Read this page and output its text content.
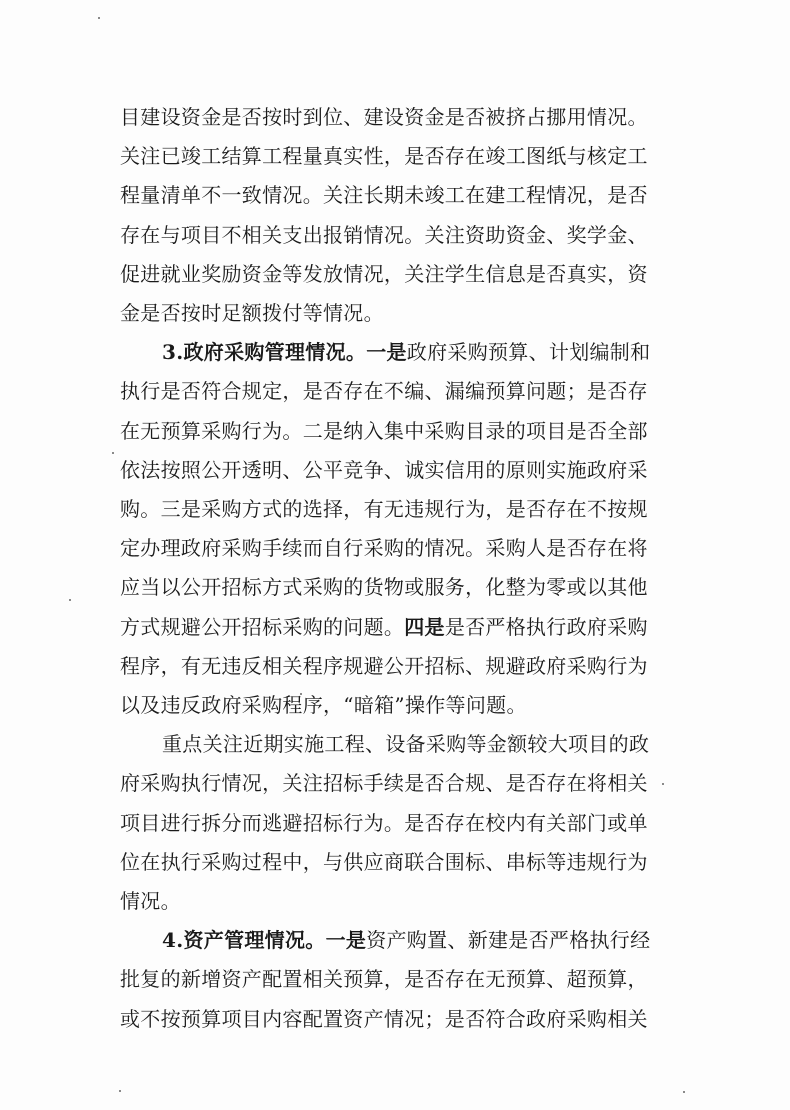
目建设资金是否按时到位、建设资金是否被挤占挪用情况。
关注已竣工结算工程量真实性，是否存在竣工图纸与核定工
程量清单不一致情况。关注长期未竣工在建工程情况，是否
存在与项目不相关支出报销情况。关注资助资金、奖学金、
促进就业奖励资金等发放情况，关注学生信息是否真实，资
金是否按时足额拨付等情况。
3.政府采购管理情况。一是政府采购预算、计划编制和
执行是否符合规定，是否存在不编、漏编预算问题；是否存
在无预算采购行为。二是纳入集中采购目录的项目是否全部
依法按照公开透明、公平竞争、诚实信用的原则实施政府采
购。三是采购方式的选择，有无违规行为，是否存在不按规
定办理政府采购手续而自行采购的情况。采购人是否存在将
应当以公开招标方式采购的货物或服务，化整为零或以其他
方式规避公开招标采购的问题。四是是否严格执行政府采购
程序，有无违反相关程序规避公开招标、规避政府采购行为
以及违反政府采购程序，“暗箱”操作等问题。
重点关注近期实施工程、设备采购等金额较大项目的政
府采购执行情况，关注招标手续是否合规、是否存在将相关
项目进行拆分而逃避招标行为。是否存在校内有关部门或单
位在执行采购过程中，与供应商联合围标、串标等违规行为
情况。
4.资产管理情况。一是资产购置、新建是否严格执行经
批复的新增资产配置相关预算，是否存在无预算、超预算，
或不按预算项目内容配置资产情况；是否符合政府采购相关
